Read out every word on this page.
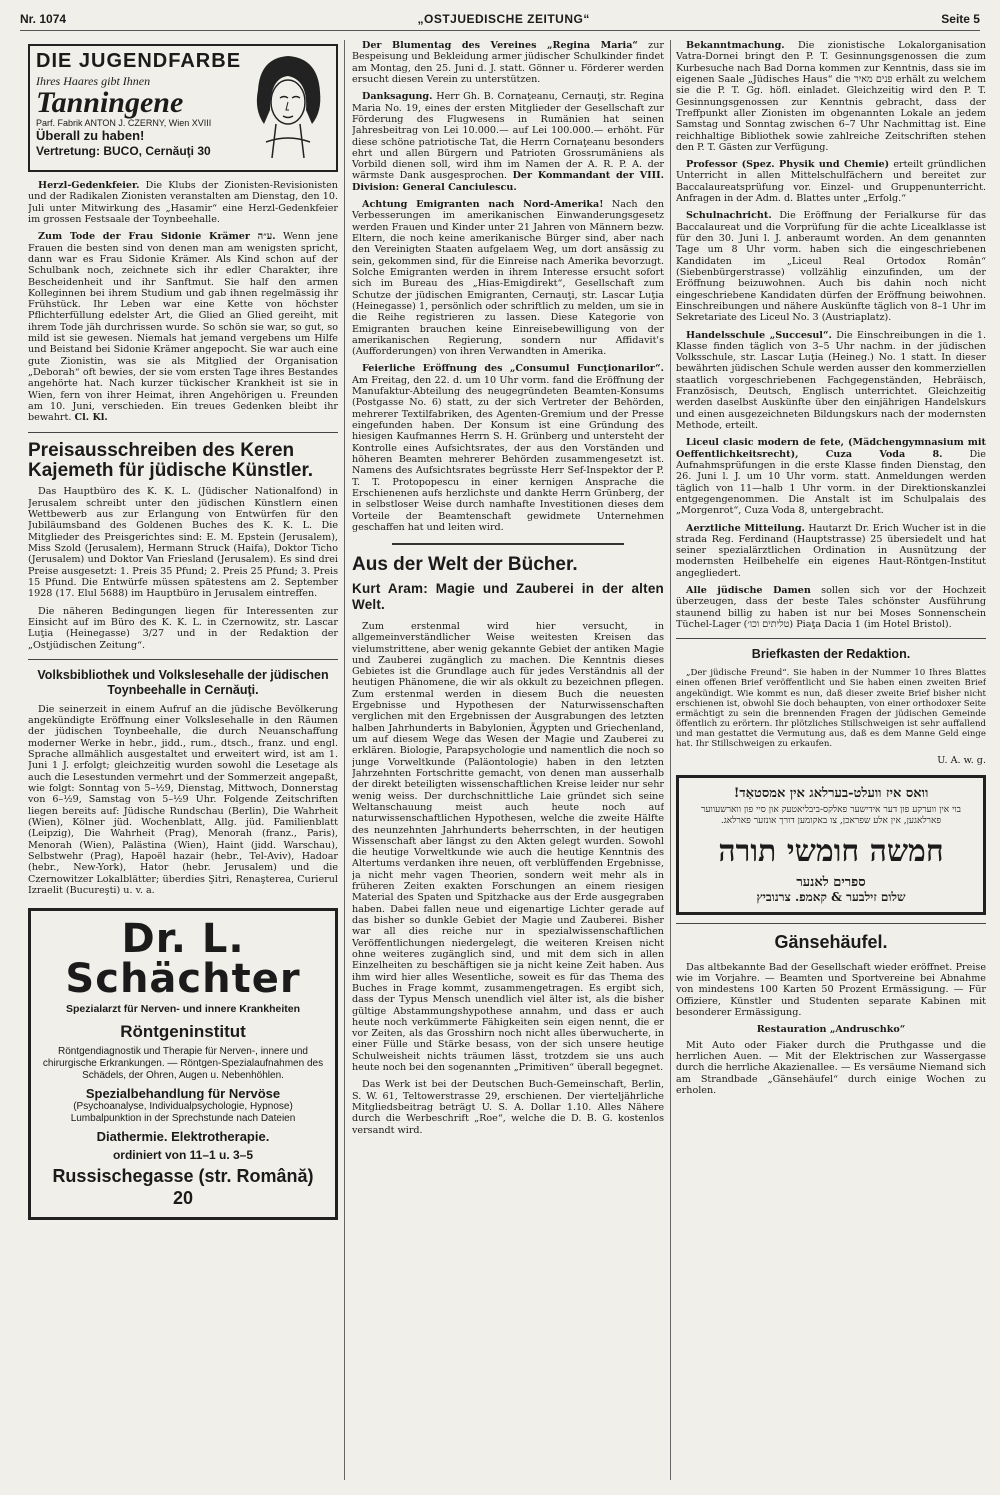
Nr. 1074	„OSTJUEDISCHE ZEITUNG“	Seite 5
DIE JUGENDFARBE
Ihres Haares gibt Ihnen
Tanningene
Parf. Fabrik ANTON J. CZERNY, Wien XVIII
Überall zu haben!
Vertretung: BUCO, Cernăuţi 30

Herzl-Gedenkfeier. Die Klubs der Zionisten-Revisionisten und der Radikalen Zionisten veranstalten am Dienstag, den 10. Juli unter Mitwirkung des „Hasamir“ eine Herzl-Gedenkfeier im grossen Festsaale der Toynbeehalle.

Zum Tode der Frau Sidonie Krämer ע״ה. Wenn jene Frauen die besten sind von denen man am wenigsten spricht, dann war es Frau Sidonie Krämer. Als Kind schon auf der Schulbank noch, zeichnete sich ihr edler Charakter, ihre Bescheidenheit und ihr Sanftmut. Sie half den armen Kolleginnen bei ihrem Studium und gab ihnen regelmässig ihr Frühstück. Ihr Leben war eine Kette von höchster Pflichterfüllung edelster Art, die Glied an Glied gereiht, mit ihrem Tode jäh durchrissen wurde. So schön sie war, so gut, so mild ist sie gewesen. Niemals hat jemand vergebens um Hilfe und Beistand bei Sidonie Krämer angepocht. Sie war auch eine gute Zionistin, was sie als Mitglied der Organisation „Deborah“ oft bewies, der sie vom ersten Tage ihres Bestandes angehörte hat. Nach kurzer tückischer Krankheit ist sie in Wien, fern von ihrer Heimat, ihren Angehörigen u. Freunden am 10. Juni, verschieden. Ein treues Gedenken bleibt ihr bewahrt. Cl. Kl.

Preisausschreiben des Keren Kajemeth für jüdische Künstler.

Das Hauptbüro des K. K. L. (Jüdischer Nationalfond) in Jerusalem schreibt unter den jüdischen Künstlern einen Wettbewerb aus zur Erlangung von Entwürfen für den Jubiläumsband des Goldenen Buches des K. K. L. Die Mitglieder des Preisgerichtes sind: E. M. Epstein (Jerusalem), Miss Szold (Jerusalem), Hermann Struck (Haifa), Doktor Ticho (Jerusalem) und Doktor Van Friesland (Jerusalem). Es sind drei Preise ausgesetzt: 1. Preis 35 Pfund; 2. Preis 25 Pfund; 3. Preis 15 Pfund. Die Entwürfe müssen spätestens am 2. September 1928 (17. Elul 5688) im Hauptbüro in Jerusalem eintreffen.

Die näheren Bedingungen liegen für Interessenten zur Einsicht auf im Büro des K. K. L. in Czernowitz, str. Lascar Luţia (Heinegasse) 3/27 und in der Redaktion der „Ostjüdischen Zeitung“.

Volksbibliothek und Volkslesehalle der jüdischen Toynbeehalle in Cernăuţi.

Die seinerzeit in einem Aufruf an die jüdische Bevölkerung angekündigte Eröffnung einer Volkslesehalle in den Räumen der jüdischen Toynbeehalle, die durch Neuanschaffung moderner Werke in hebr., jidd., rum., dtsch., franz. und engl. Sprache allmählich ausgestaltet und erweitert wird, ist am 1. Juni 1 J. erfolgt; gleichzeitig wurden sowohl die Lesetage als auch die Lesestunden vermehrt und der Sommerzeit angepaßt, wie folgt: Sonntag von 5–½9, Dienstag, Mittwoch, Donnerstag von 6–½9, Samstag von 5–½9 Uhr. Folgende Zeitschriften liegen bereits auf: Jüdische Rundschau (Berlin), Die Wahrheit (Wien), Kölner jüd. Wochenblatt, Allg. jüd. Familienblatt (Leipzig), Die Wahrheit (Prag), Menorah (franz., Paris), Menorah (Wien), Palästina (Wien), Haint (jidd. Warschau), Selbstwehr (Prag), Hapoël hazair (hebr., Tel-Aviv), Hadoar (hebr., New-York), Hator (hebr. Jerusalem) und die Czernowitzer Lokalblätter; überdies Şitri, Renaşterea, Curierul Izraelit (Bucureşti) u. v. a.

Dr. L. Schächter
Spezialarzt für Nerven- und innere Krankheiten
Röntgeninstitut
Röntgendiagnostik und Therapie für Nerven-, innere und chirurgische Erkrankungen. — Röntgen-Spezialaufnahmen des Schädels, der Ohren, Augen u. Nebenhöhlen.
Spezialbehandlung für Nervöse
(Psychoanalyse, Individualpsychologie, Hypnose)
Lumbalpunktion in der Sprechstunde nach Dateien
Diathermie. Elektrotherapie.
ordiniert von 11–1 u. 3–5
Russischegasse (str. Română) 20

Der Blumentag des Vereines „Regina Maria“ zur Bespeisung und Bekleidung armer jüdischer Schulkinder findet am Montag, den 25. Juni d. J. statt. Gönner u. Förderer werden ersucht diesen Verein zu unterstützen.

Danksagung. Herr Gh. B. Cornaţeanu, Cernauţi, str. Regina Maria No. 19, eines der ersten Mitglieder der Gesellschaft zur Förderung des Flugwesens in Rumänien hat seinen Jahresbeitrag von Lei 10.000.— auf Lei 100.000.— erhöht. Für diese schöne patriotische Tat, die Herrn Cornaţeanu besonders ehrt und allen Bürgern und Patrioten Grossrumäniens als Vorbild dienen soll, wird ihm im Namen der A. R. P. A. der wärmste Dank ausgesprochen. Der Kommandant der VIII. Division: General Canciulescu.

Achtung Emigranten nach Nord-Amerika! Nach den Verbesserungen im amerikanischen Einwanderungsgesetz werden Frauen und Kinder unter 21 Jahren von Männern bezw. Eltern, die noch keine amerikanische Bürger sind, aber nach den Vereinigten Staaten aufgelaem Weg, um dort ansässig zu sein, gekommen sind, für die Einreise nach Amerika bevorzugt. Solche Emigranten werden in ihrem Interesse ersucht sofort sich im Bureau des „Hias-Emigdirekt“, Gesellschaft zum Schutze der jüdischen Emigranten, Cernauţi, str. Lascar Luţia (Heinegasse) 1, persönlich oder schriftlich zu melden, um sie in die Reihe registrieren zu lassen. Diese Kategorie von Emigranten brauchen keine Einreisebewilligung von der amerikanischen Regierung, sondern nur Affidavit's (Aufforderungen) von ihren Verwandten in Amerika.

Feierliche Eröffnung des „Consumul Funcţionarilor“. Am Freitag, den 22. d. um 10 Uhr vorm. fand die Eröffnung der Manufaktur-Abteilung des neugegründeten Beamten-Konsums (Postgasse No. 6) statt, zu der sich Vertreter der Behörden, mehrerer Textilfabriken, des Agenten-Gremium und der Presse eingefunden haben. Der Konsum ist eine Gründung des hiesigen Kaufmannes Herrn S. H. Grünberg und untersteht der Kontrolle eines Aufsichtsrates, der aus den Vorständen und höheren Beamten mehrerer Behörden zusammengesetzt ist. Namens des Aufsichtsrates begrüsste Herr Sef-Inspektor der P. T. T. Protopopescu in einer kernigen Ansprache die Erschienenen aufs herzlichste und dankte Herrn Grünberg, der in selbstloser Weise durch namhafte Investitionen dieses dem Vorteile der Beamtenschaft gewidmete Unternehmen geschaffen hat und leiten wird.

Aus der Welt der Bücher.
Kurt Aram: Magie und Zauberei in der alten Welt.

Zum erstenmal wird hier versucht, in allgemeinverständlicher Weise weitesten Kreisen das vielumstrittene, aber wenig gekannte Gebiet der antiken Magie und Zauberei zugänglich zu machen. Die Kenntnis dieses Gebietes ist die Grundlage auch für jedes Verständnis all der heutigen Phänomene, die wir als okkult zu bezeichnen pflegen. Zum erstenmal werden in diesem Buch die neuesten Ergebnisse und Hypothesen der Naturwissenschaften verglichen mit den Ergebnissen der Ausgrabungen des letzten halben Jahrhunderts in Babylonien, Ägypten und Griechenland, um auf diesem Wege das Wesen der Magie und Zauberei zu erklären. Biologie, Parapsychologie und namentlich die noch so junge Vorweltkunde (Paläontologie) haben in den letzten Jahrzehnten Fortschritte gemacht, von denen man ausserhalb der direkt beteiligten wissenschaftlichen Kreise leider nur sehr wenig weiss. Der durchschnittliche Laie gründet sich seine Weltanschauung meist auch heute noch auf naturwissenschaftlichen Hypothesen, welche die zweite Hälfte des neunzehnten Jahrhunderts beherrschten, in der heutigen Wissenschaft aber längst zu den Akten gelegt wurden. Sowohl die heutige Vorweltkunde wie auch die heutige Kenntnis des Altertums verdanken ihre neuen, oft verblüffenden Ergebnisse, ja nicht mehr vagen Theorien, sondern weit mehr als in früheren Zeiten exakten Forschungen an einem riesigen Material des Spaten und Spitzhacke aus der Erde ausgegraben haben. Dabei fallen neue und eigenartige Lichter gerade auf das bisher so dunkle Gebiet der Magie und Zauberei. Bisher war all dies reiche nur in spezialwissenschaftlichen Veröffentlichungen niedergelegt, die weiteren Kreisen nicht ohne weiteres zugänglich sind, und mit dem sich in allen Einzelheiten zu beschäftigen sie ja nicht keine Zeit haben. Aus ihm wird hier alles Wesentliche, soweit es für das Thema des Buches in Frage kommt, zusammengetragen. Es ergibt sich, dass der Typus Mensch unendlich viel älter ist, als die bisher gültige Abstammungshypothese annahm, und dass er auch heute noch verkümmerte Fähigkeiten sein eigen nennt, die er vor Zeiten, als das Grosshirn noch nicht alles überwucherte, in einer Fülle und Stärke besass, von der sich unsere heutige Schulweisheit nichts träumen lässt, trotzdem sie uns auch heute noch bei den sogenannten „Primitiven“ überall begegnet.

Das Werk ist bei der Deutschen Buch-Gemeinschaft, Berlin, S. W. 61, Teltowerstrasse 29, erschienen. Der vierteljährliche Mitgliedsbeitrag beträgt U. S. A. Dollar 1.10. Alles Nähere durch die Werbeschrift „Roe“, welche die D. B. G. kostenlos versandt wird.

Bekanntmachung. Die zionistische Lokalorganisation Vatra-Dornei bringt den P. T. Gesinnungsgenossen die zum Kurbesuche nach Bad Dorna kommen zur Kenntnis, dass sie im eigenen Saale „Jüdisches Haus“ die פנים מאיר erhält zu welchem sie die P. T. Gg. höfl. einladet. Gleichzeitig wird den P. T. Gesinnungsgenossen zur Kenntnis gebracht, dass der Treffpunkt aller Zionisten im obgenannten Lokale an jedem Samstag und Sonntag zwischen 6–7 Uhr Nachmittag ist. Eine reichhaltige Bibliothek sowie zahlreiche Zeitschriften stehen den P. T. Gästen zur Verfügung.

Professor (Spez. Physik und Chemie) erteilt gründlichen Unterricht in allen Mittelschulfächern und bereitet zur Baccalaureatsprüfung vor. Einzel- und Gruppenunterricht. Anfragen in der Adm. d. Blattes unter „Erfolg.“

Schulnachricht. Die Eröffnung der Ferialkurse für das Baccalaureat und die Vorprüfung für die achte Licealklasse ist für den 30. Juni l. J. anberaumt worden. An dem genannten Tage um 8 Uhr vorm. haben sich die eingeschriebenen Kandidaten im „Liceul Real Ortodox Român“ (Siebenbürgerstrasse) vollzählig einzufinden, um der Eröffnung beizuwohnen. Auch bis dahin noch nicht eingeschriebene Kandidaten dürfen der Eröffnung beiwohnen. Einschreibungen und nähere Auskünfte täglich von 8–1 Uhr im Sekretariate des Liceul No. 3 (Austriaplatz).

Handelsschule „Succesul“. Die Einschreibungen in die 1. Klasse finden täglich von 3–5 Uhr nachm. in der jüdischen Volksschule, str. Lascar Luţia (Heineg.) No. 1 statt. In dieser bewährten jüdischen Schule werden ausser den kommerziellen staatlich vorgeschriebenen Fachgegenständen, Hebräisch, Französisch, Deutsch, Englisch unterrichtet. Gleichzeitig werden daselbst Auskünfte über den einjährigen Handelskurs und einen ausgezeichneten Bildungskurs nach der modernsten Methode, erteilt.

Liceul clasic modern de fete, (Mädchengymnasium mit Oeffentlichkeitsrecht), Cuza Voda 8.	Die Aufnahmsprüfungen in die erste Klasse finden Dienstag, den 26. Juni l. J. um 10 Uhr vorm. statt. Anmeldungen werden täglich von 11—halb 1 Uhr vorm. in der Direktionskanzlei entgegengenommen. Die Anstalt ist im Schulpalais des „Morgenrot“, Cuza Voda 8, untergebracht.

Aerztliche Mitteilung. Hautarzt Dr. Erich Wucher ist in die strada Reg. Ferdinand (Hauptstrasse) 25 übersiedelt und hat seiner spezialärztlichen Ordination in Ausnützung der modernsten Heilbehelfe ein eigenes Haut-Röntgen-Institut angegliedert.

Alle jüdische Damen sollen sich vor der Hochzeit überzeugen, dass der beste Tales schönster Ausführung staunend billig zu haben ist nur bei Moses Sonnenschein Tüchel-Lager (טליתים וכו׳) Piaţa Dacia 1 (im Hotel Bristol).

Briefkasten der Redaktion.

„Der jüdische Freund“. Sie haben in der Nummer 10 Ihres Blattes einen offenen Brief veröffentlicht und Sie haben einen zweiten Brief angekündigt. Wie kommt es nun, daß dieser zweite Brief bisher nicht erschienen ist, obwohl Sie doch behaupten, von einer orthodoxer Seite ermächtigt zu sein die brennenden Fragen der jüdischen Gemeinde öffentlich zu erörtern. Ihr plötzliches Stillschweigen ist sehr auffallend und man gestattet die Vermutung aus, daß es dem Manne Geld einge hat. Ihr Stillschweigen zu erkaufen.

U. A. w. g.
וואס איז וועלט-בערלאג אין אמסטאַד!
בוי אין ווערקע פון דער אידישער פאלקס-ביבליאטעק און סיי פון ווארשעווער פארלאגען, אין אלע שפראכן, צו באקומען דורך אונזער פארלאג.
חמשה חומשי תורה
ספרים לאנער
שלום זילבער & קאמפ. צרנוביץ
Gänsehäufel.

Das altbekannte Bad der Gesellschaft wieder eröffnet. Preise wie im Vorjahre. — Beamten und Sportvereine bei Abnahme von mindestens 100 Karten 50 Prozent Ermässigung. — Für Offiziere, Künstler und Studenten separate Kabinen mit besonderer Ermässigung.

Restauration „Andruschko“

Mit Auto oder Fiaker durch die Pruthgasse und die herrlichen Auen. — Mit der Elektrischen zur Wassergasse durch die herrliche Akazienallee. — Es versäume Niemand sich am Strandbade „Gänsehäufel“ durch einige Wochen zu erholen.
